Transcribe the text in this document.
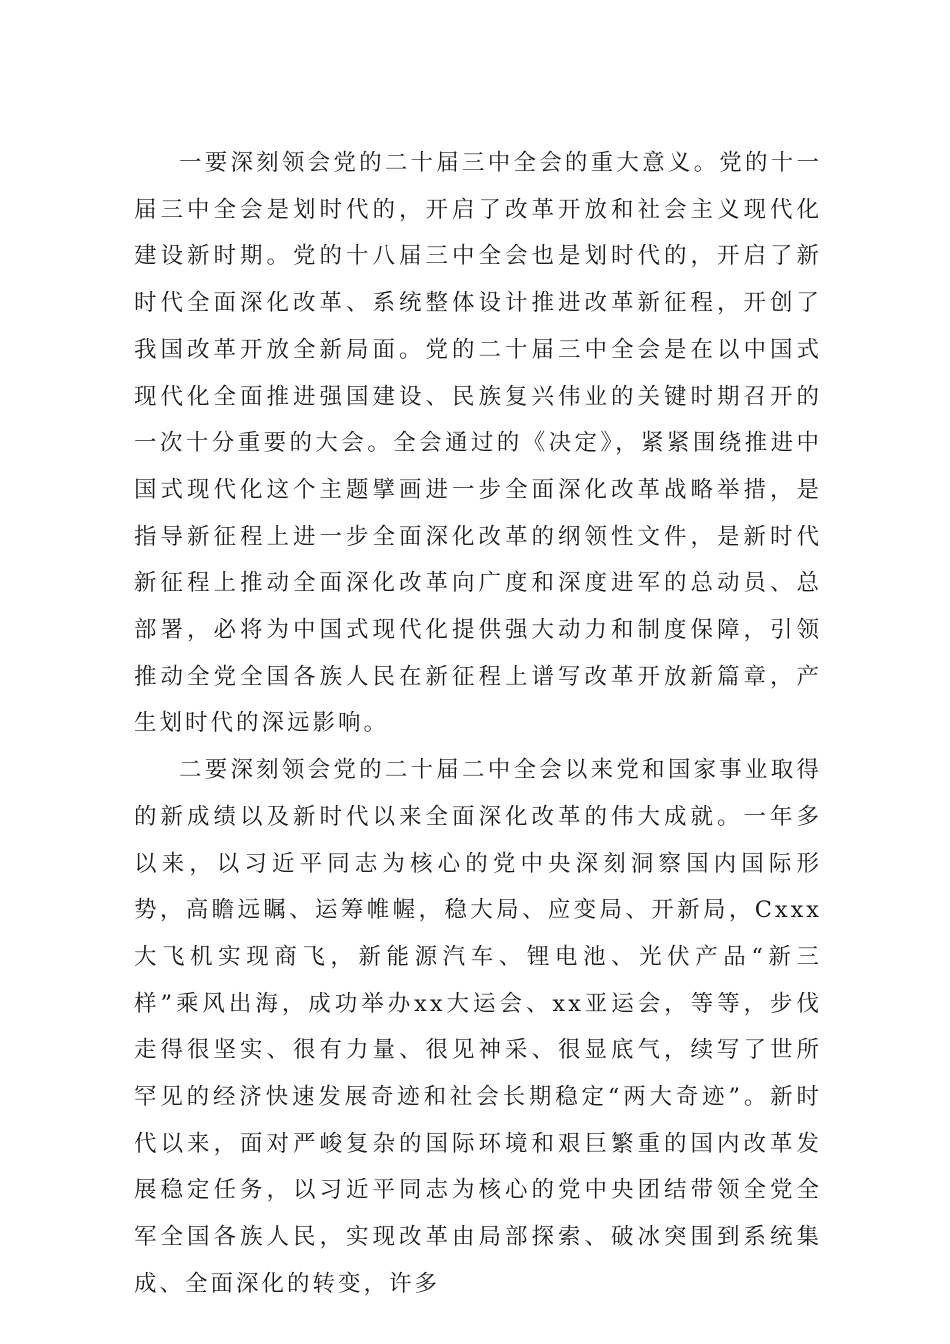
一要深刻领会党的二十届三中全会的重大意义。党的十一届三中全会是划时代的，开启了改革开放和社会主义现代化建设新时期。党的十八届三中全会也是划时代的，开启了新时代全面深化改革、系统整体设计推进改革新征程，开创了我国改革开放全新局面。党的二十届三中全会是在以中国式现代化全面推进强国建设、民族复兴伟业的关键时期召开的一次十分重要的大会。全会通过的《决定》，紧紧围绕推进中国式现代化这个主题擘画进一步全面深化改革战略举措，是指导新征程上进一步全面深化改革的纲领性文件，是新时代新征程上推动全面深化改革向广度和深度进军的总动员、总部署，必将为中国式现代化提供强大动力和制度保障，引领推动全党全国各族人民在新征程上谱写改革开放新篇章，产生划时代的深远影响。

二要深刻领会党的二十届二中全会以来党和国家事业取得的新成绩以及新时代以来全面深化改革的伟大成就。一年多以来，以习近平同志为核心的党中央深刻洞察国内国际形势，高瞻远瞩、运筹帷幄，稳大局、应变局、开新局，Cxxx大飞机实现商飞，新能源汽车、锂电池、光伏产品“新三样”乘风出海，成功举办xx大运会、xx亚运会，等等，步伐走得很坚实、很有力量、很见神采、很显底气，续写了世所罕见的经济快速发展奇迹和社会长期稳定“两大奇迹”。新时代以来，面对严峻复杂的国际环境和艰巨繁重的国内改革发展稳定任务，以习近平同志为核心的党中央团结带领全党全军全国各族人民，实现改革由局部探索、破冰突围到系统集成、全面深化的转变，许多
